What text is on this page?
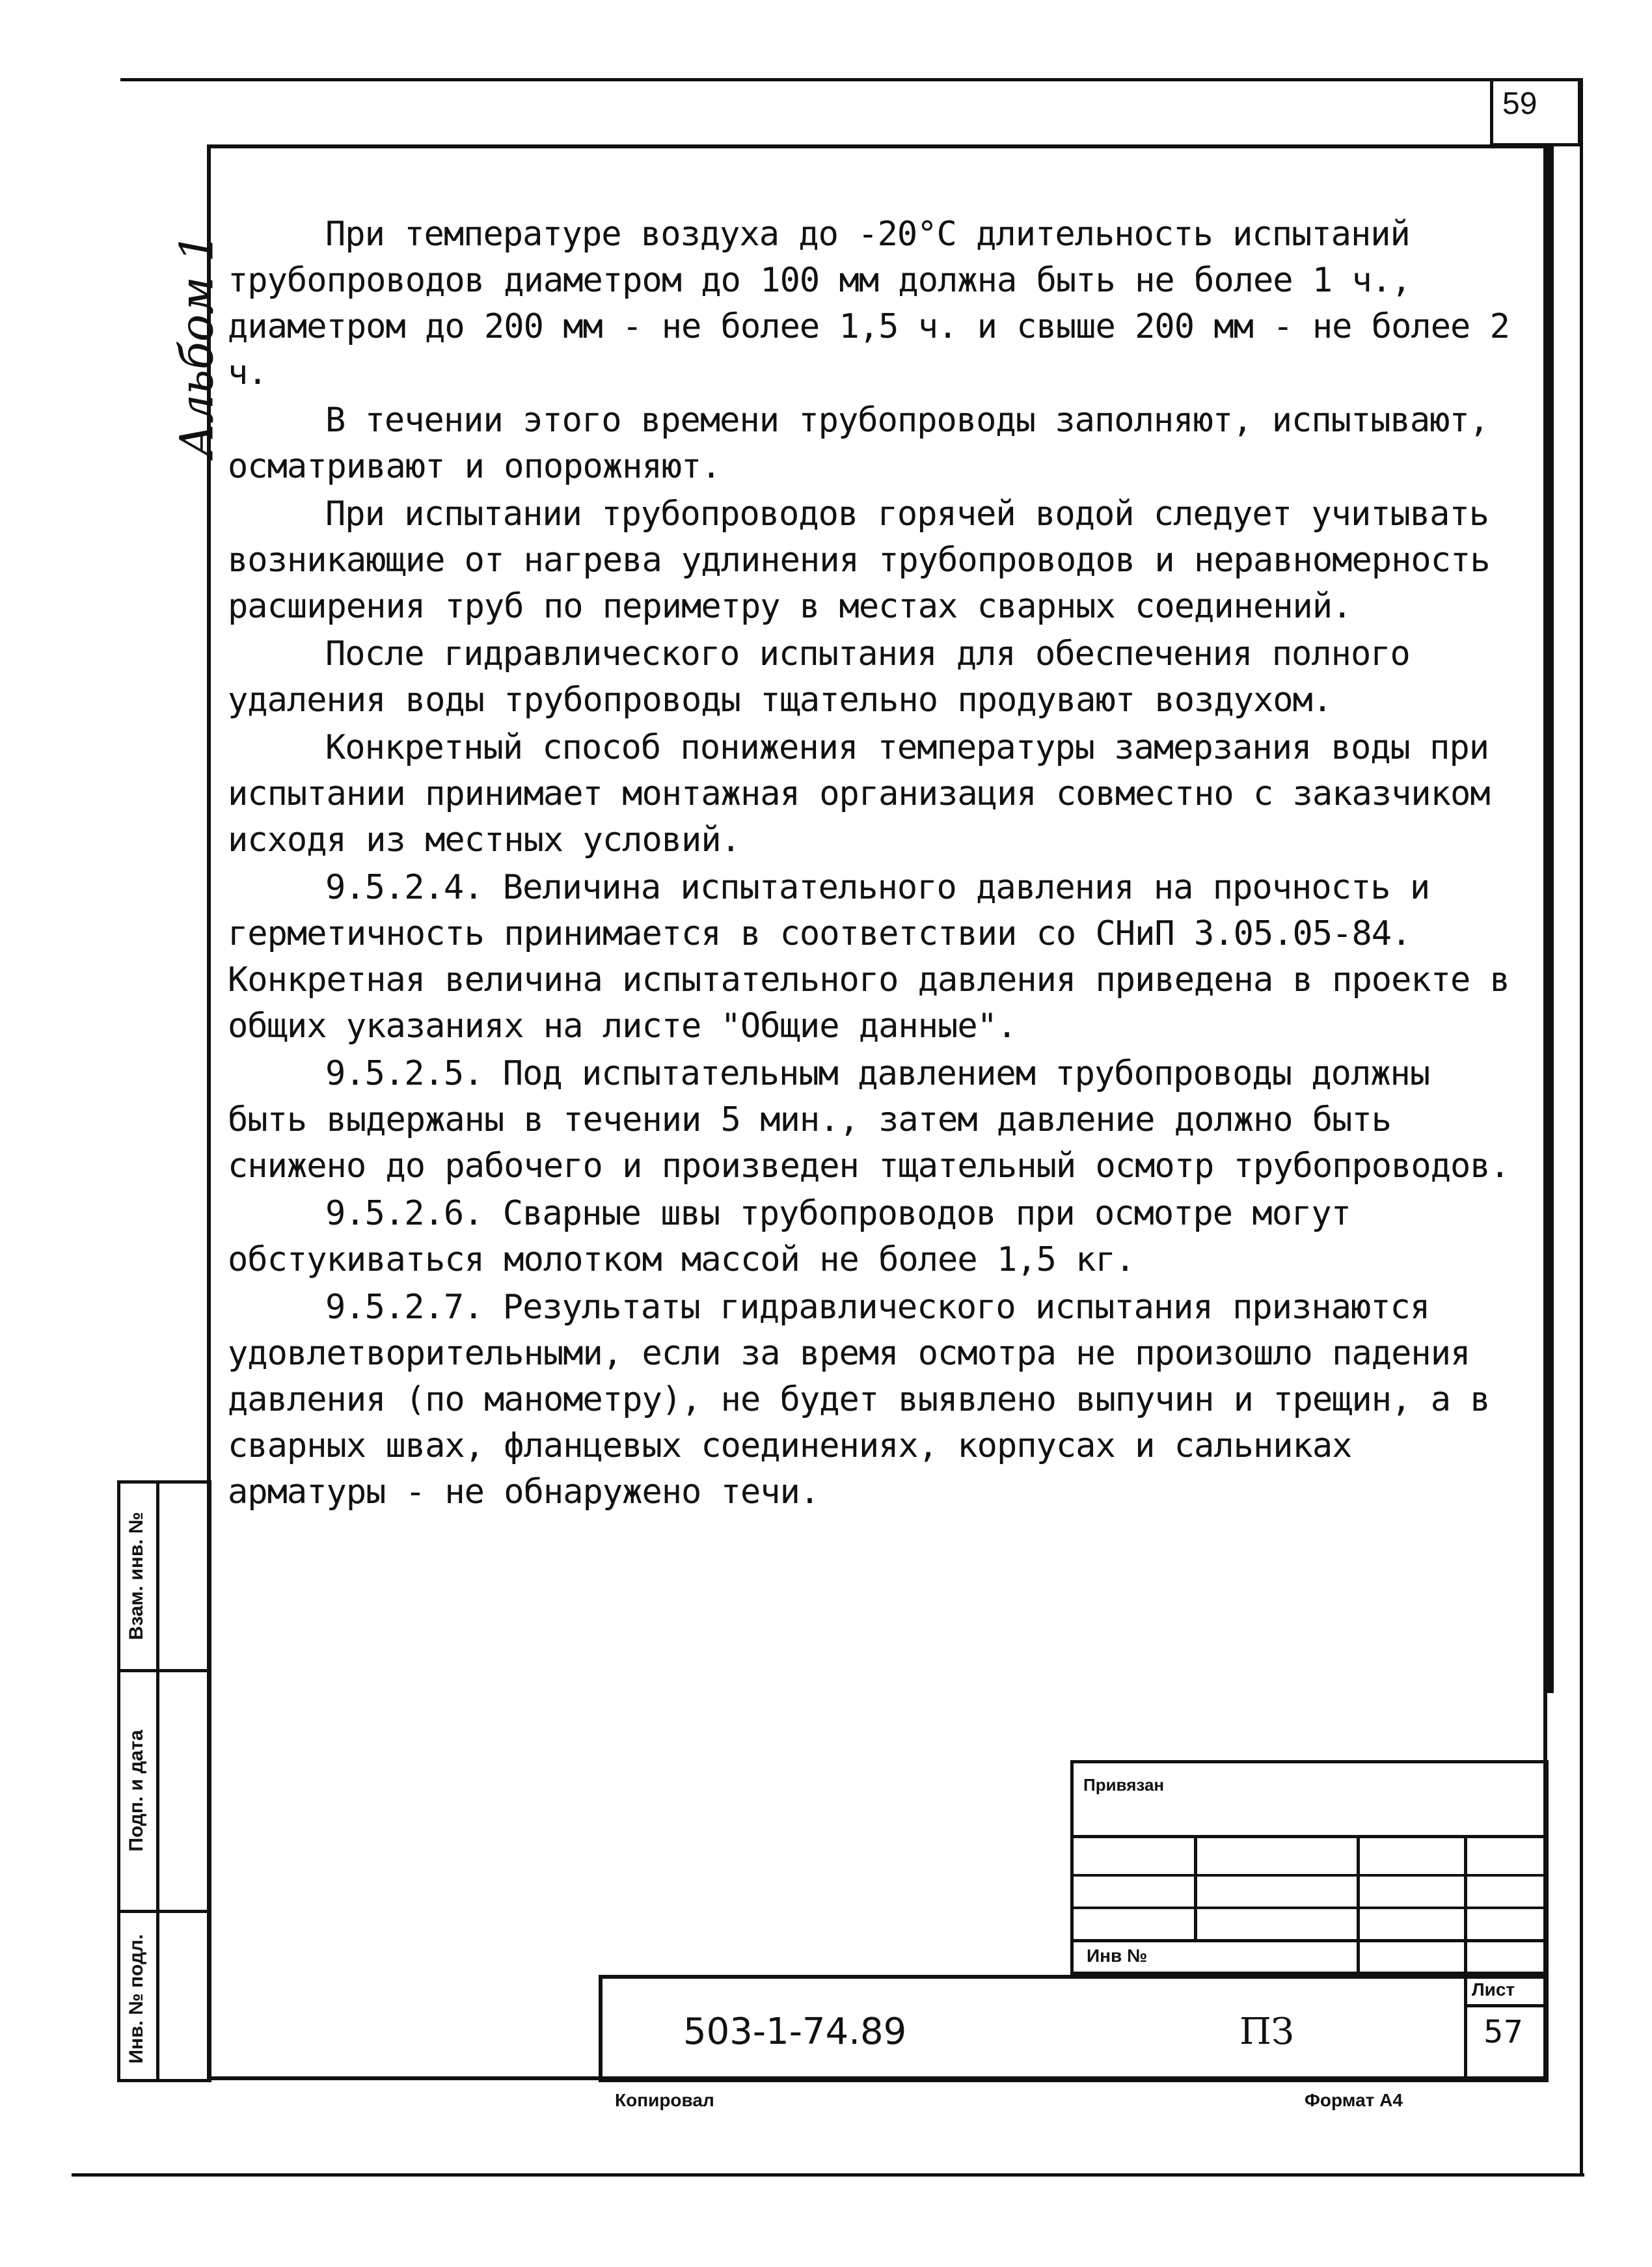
59
Альбом 1	При температуре воздуха до -20°С длительность испытаний трубопроводов диаметром до 100 мм должна быть не более 1 ч., диаметром до 200 мм - не более 1,5 ч. и свыше 200 мм - не более 2 ч.

В течении этого времени трубопроводы заполняют, испытывают, осматривают и опорожняют.

При испытании трубопроводов горячей водой следует учитывать возникающие от нагрева удлинения трубопроводов и неравномерность расширения труб по периметру в местах сварных соединений.

После гидравлического испытания для обеспечения полного удаления воды трубопроводы тщательно продувают воздухом.

Конкретный способ понижения температуры замерзания воды при испытании принимает монтажная организация совместно с заказчиком исходя из местных условий.

9.5.2.4. Величина испытательного давления на прочность и герметичность принимается в соответствии со СНиП 3.05.05-84. Конкретная величина испытательного давления приведена в проекте в общих указаниях на листе "Общие данные".

9.5.2.5. Под испытательным давлением трубопроводы должны быть выдержаны в течении 5 мин., затем давление должно быть снижено до рабочего и произведен тщательный осмотр трубопроводов.

9.5.2.6. Сварные швы трубопроводов при осмотре могут обстукиваться молотком массой не более 1,5 кг.

9.5.2.7. Результаты гидравлического испытания признаются удовлетворительными, если за время осмотра не произошло падения давления (по манометру), не будет выявлено выпучин и трещин, а в сварных швах, фланцевых соединениях, корпусах и сальниках арматуры - не обнаружено течи.

Взам. инв. №
Подп. и дата
Инв. № подл.
Привязан
Инв №
503-1-74.89	ПЗ
Лист
57
Копировал	Формат А4
